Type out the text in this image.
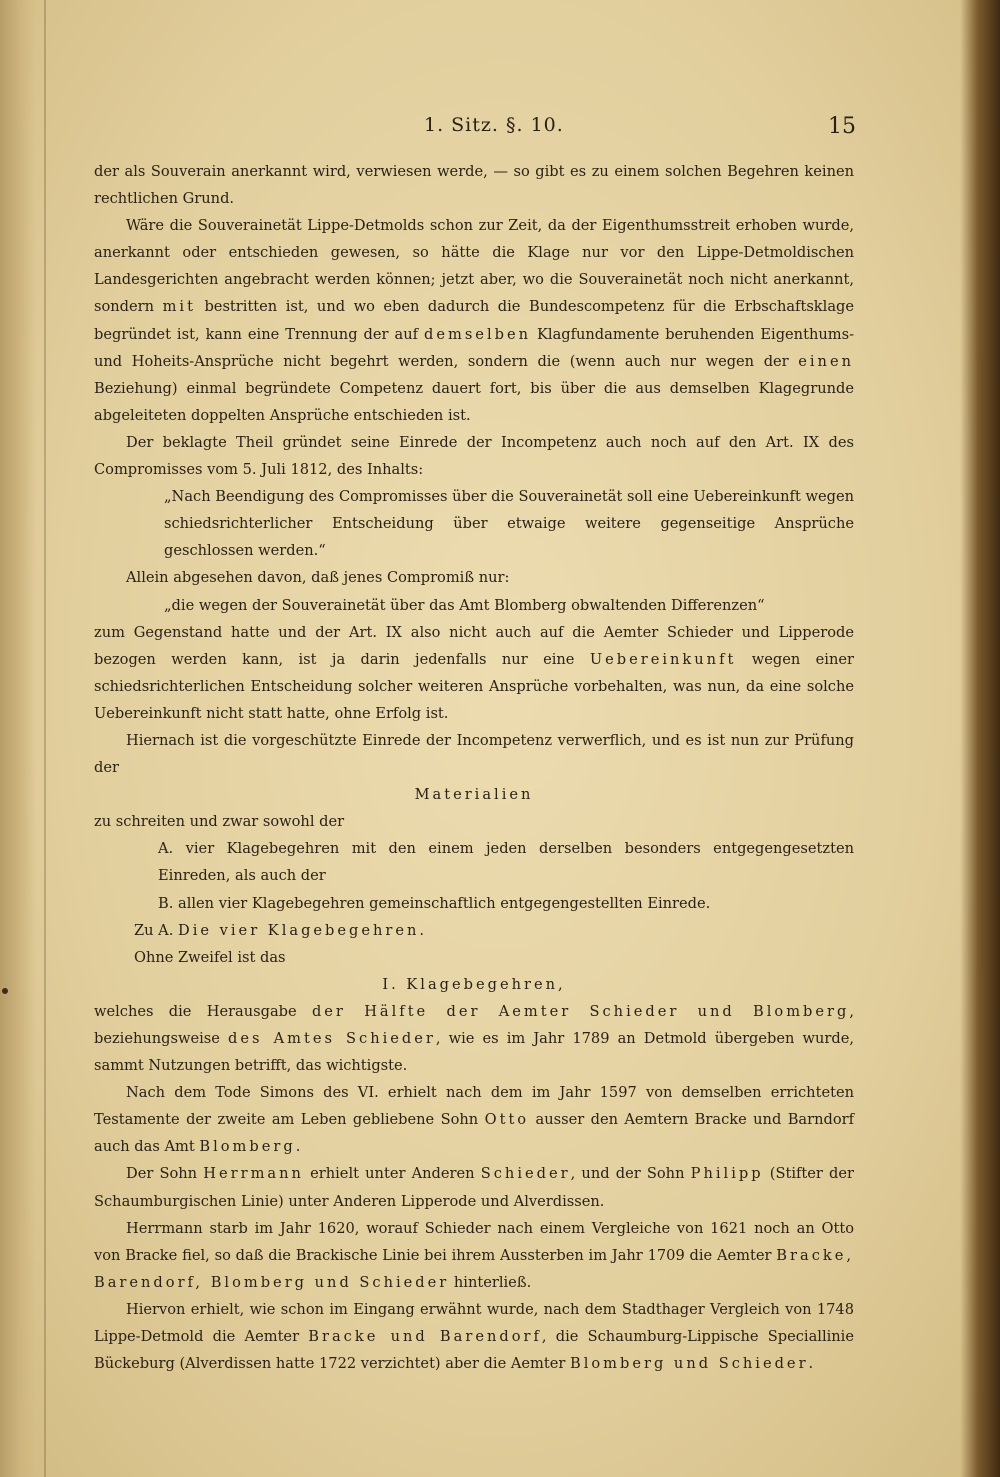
1. Sitz. §. 10.	15

der als Souverain anerkannt wird, verwiesen werde, — so gibt es zu einem solchen Begehren keinen rechtlichen Grund.

Wäre die Souverainetät Lippe-Detmolds schon zur Zeit, da der Eigenthumsstreit erhoben wurde, anerkannt oder entschieden gewesen, so hätte die Klage nur vor den Lippe-Detmoldischen Landesgerichten angebracht werden können; jetzt aber, wo die Souverainetät noch nicht anerkannt, sondern mit bestritten ist, und wo eben dadurch die Bundescompetenz für die Erbschaftsklage begründet ist, kann eine Trennung der auf demselben Klagfundamente beruhenden Eigenthums- und Hoheits-Ansprüche nicht begehrt werden, sondern die (wenn auch nur wegen der einen Beziehung) einmal begründete Competenz dauert fort, bis über die aus demselben Klagegrunde abgeleiteten doppelten Ansprüche entschieden ist.

Der beklagte Theil gründet seine Einrede der Incompetenz auch noch auf den Art. IX des Compromisses vom 5. Juli 1812, des Inhalts:

„Nach Beendigung des Compromisses über die Souverainetät soll eine Uebereinkunft wegen schiedsrichterlicher Entscheidung über etwaige weitere gegenseitige Ansprüche geschlossen werden.“

Allein abgesehen davon, daß jenes Compromiß nur:

„die wegen der Souverainetät über das Amt Blomberg obwaltenden Differenzen“

zum Gegenstand hatte und der Art. IX also nicht auch auf die Aemter Schieder und Lipperode bezogen werden kann, ist ja darin jedenfalls nur eine Uebereinkunft wegen einer schiedsrichterlichen Entscheidung solcher weiteren Ansprüche vorbehalten, was nun, da eine solche Uebereinkunft nicht statt hatte, ohne Erfolg ist.

Hiernach ist die vorgeschützte Einrede der Incompetenz verwerflich, und es ist nun zur Prüfung der

Materialien

zu schreiten und zwar sowohl der

A. vier Klagebegehren mit den einem jeden derselben besonders entgegengesetzten Einreden, als auch der

B. allen vier Klagebegehren gemeinschaftlich entgegengestellten Einrede.

Zu A. Die vier Klagebegehren.

Ohne Zweifel ist das

I. Klagebegehren,

welches die Herausgabe der Hälfte der Aemter Schieder und Blomberg, beziehungsweise des Amtes Schieder, wie es im Jahr 1789 an Detmold übergeben wurde, sammt Nutzungen betrifft, das wichtigste.

Nach dem Tode Simons des VI. erhielt nach dem im Jahr 1597 von demselben errichteten Testamente der zweite am Leben gebliebene Sohn Otto ausser den Aemtern Bracke und Barndorf auch das Amt Blomberg.

Der Sohn Herrmann erhielt unter Anderen Schieder, und der Sohn Philipp (Stifter der Schaumburgischen Linie) unter Anderen Lipperode und Alverdissen.

Herrmann starb im Jahr 1620, worauf Schieder nach einem Vergleiche von 1621 noch an Otto von Bracke fiel, so daß die Brackische Linie bei ihrem Aussterben im Jahr 1709 die Aemter Bracke, Barendorf, Blomberg und Schieder hinterließ.

Hiervon erhielt, wie schon im Eingang erwähnt wurde, nach dem Stadthager Vergleich von 1748 Lippe-Detmold die Aemter Bracke und Barendorf, die Schaumburg-Lippische Speciallinie Bückeburg (Alverdissen hatte 1722 verzichtet) aber die Aemter Blomberg und Schieder.
